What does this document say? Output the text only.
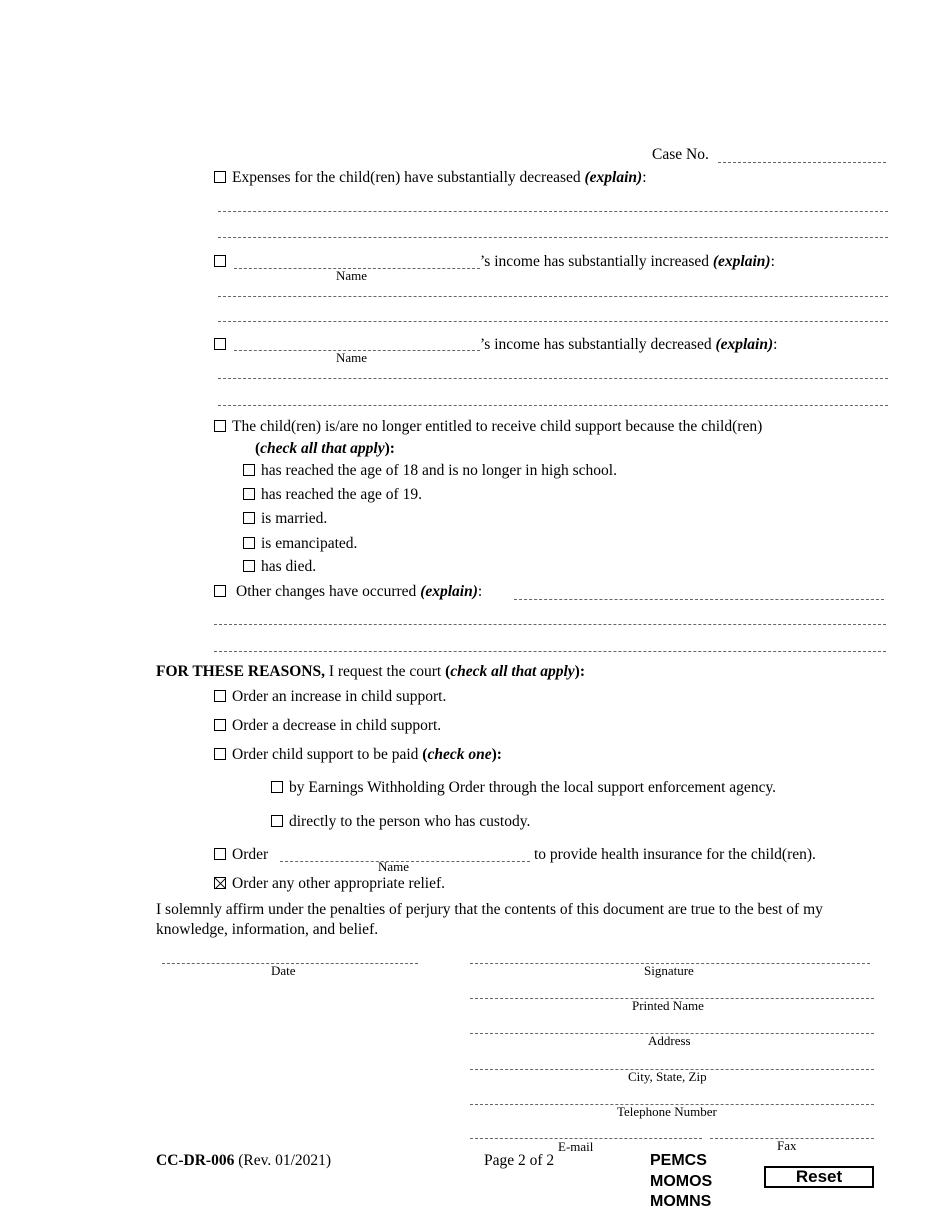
Case No.
Expenses for the child(ren) have substantially decreased (explain):
’s income has substantially increased (explain):
Name
’s income has substantially decreased (explain):
Name
The child(ren) is/are no longer entitled to receive child support because the child(ren)
(check all that apply):
has reached the age of 18 and is no longer in high school.
has reached the age of 19.
is married.
is emancipated.
has died.
Other changes have occurred (explain):
FOR THESE REASONS, I request the court (check all that apply):
Order an increase in child support.
Order a decrease in child support.
Order child support to be paid (check one):
by Earnings Withholding Order through the local support enforcement agency.
directly to the person who has custody.
Order	to provide health insurance for the child(ren).
Name
Order any other appropriate relief.
I solemnly affirm under the penalties of perjury that the contents of this document are true to the best of my
knowledge, information, and belief.
Date	Signature
Printed Name
Address
City, State, Zip
Telephone Number
E-mail	Fax
CC-DR-006 (Rev. 01/2021)	Page 2 of 2	PEMCS
MOMOS
MOMNS
Reset
